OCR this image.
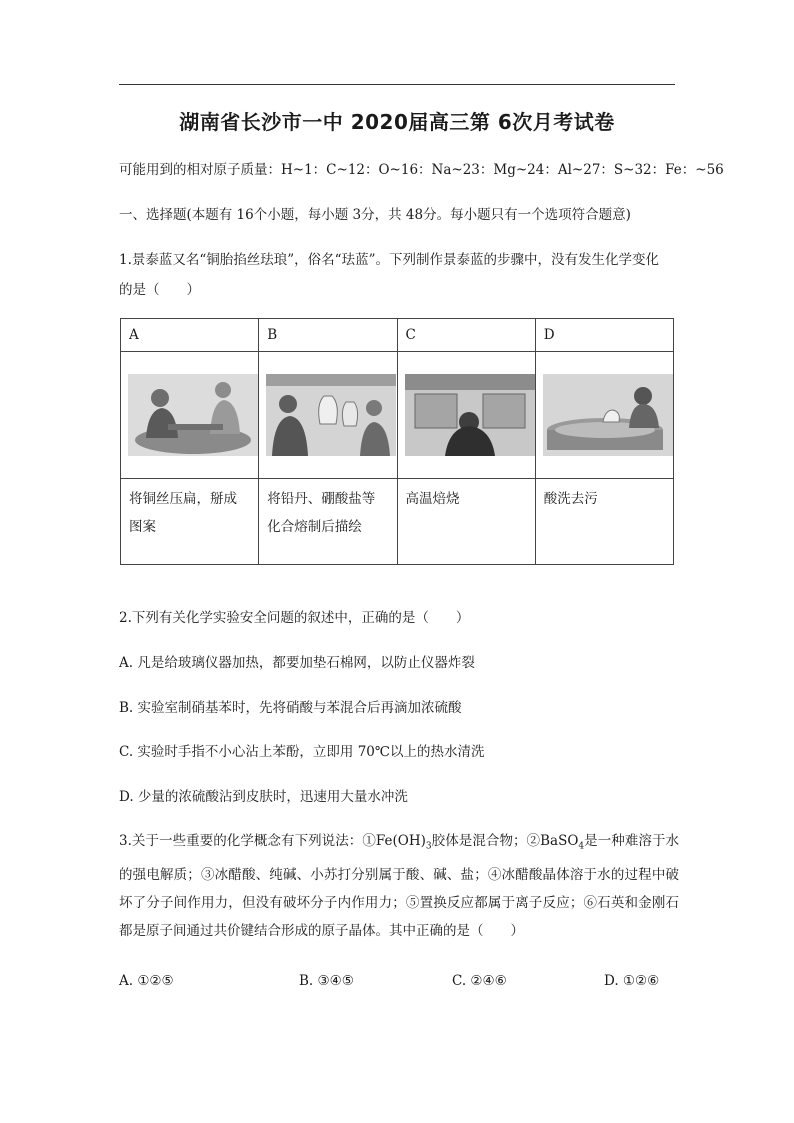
湖南省长沙市一中 2020届高三第 6次月考试卷
可能用到的相对原子质量：H~1：C~12：O~16：Na~23：Mg~24：Al~27：S~32：Fe：~56
一、选择题(本题有 16个小题，每小题 3分，共 48分。每小题只有一个选项符合题意)
1.景泰蓝又名“铜胎掐丝珐琅”，俗名“珐蓝”。下列制作景泰蓝的步骤中，没有发生化学变化
的是（　　）
A	B	C	D

将铜丝压扁，掰成图案	将铅丹、硼酸盐等化合熔制后描绘	高温焙烧	酸洗去污
2.下列有关化学实验安全问题的叙述中，正确的是（　　）
A. 凡是给玻璃仪器加热，都要加垫石棉网，以防止仪器炸裂
B. 实验室制硝基苯时，先将硝酸与苯混合后再滴加浓硫酸
C. 实验时手指不小心沾上苯酚，立即用 70℃以上的热水清洗
D. 少量的浓硫酸沾到皮肤时，迅速用大量水冲洗
3.关于一些重要的化学概念有下列说法：$①Fe(OH)_3$胶体是混合物；②BaSO$_4$是一种难溶于水的强电解质；③冰醋酸、纯碱、小苏打分别属于酸、碱、盐；④冰醋酸晶体溶于水的过程中破坏了分子间作用力，但没有破坏分子内作用力；⑤置换反应都属于离子反应；⑥石英和金刚石都是原子间通过共价键结合形成的原子晶体。其中正确的是（　　）
A. ①②⑤	B. ③④⑤	C. ②④⑥	D. ①②⑥
